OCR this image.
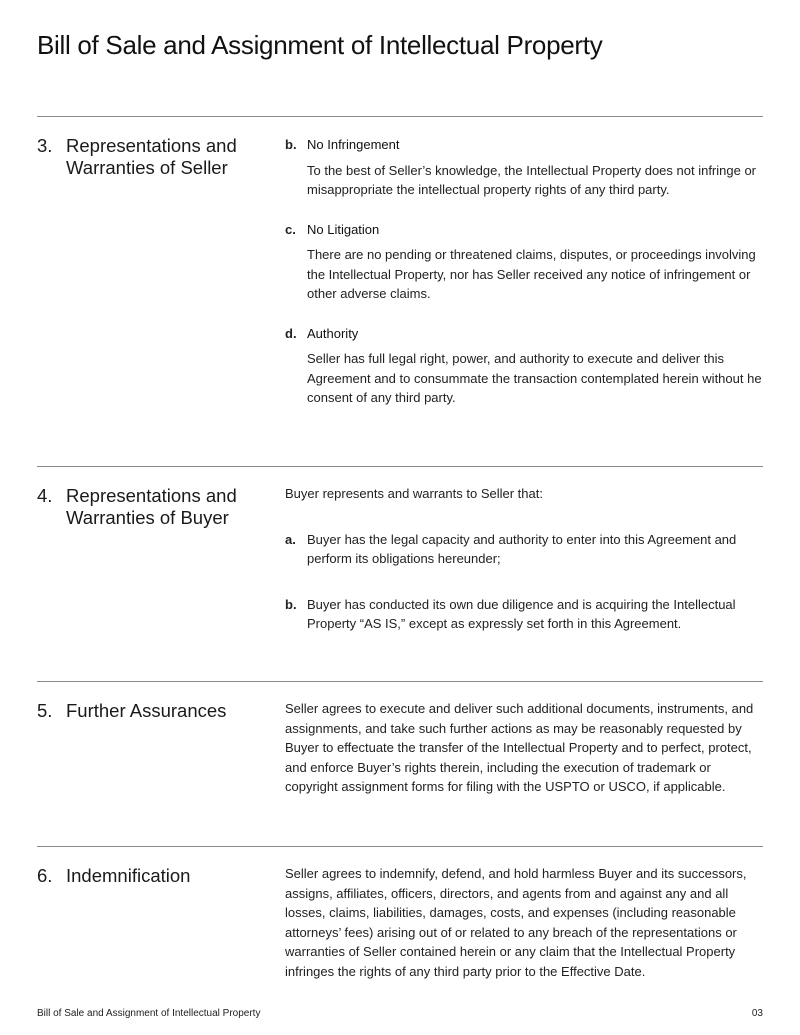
Bill of Sale and Assignment of Intellectual Property
3. Representations and Warranties of Seller
b. No Infringement

To the best of Seller’s knowledge, the Intellectual Property does not infringe or misappropriate the intellectual property rights of any third party.

c. No Litigation

There are no pending or threatened claims, disputes, or proceedings involving the Intellectual Property, nor has Seller received any notice of infringement or other adverse claims.

d. Authority

Seller has full legal right, power, and authority to execute and deliver this Agreement and to consummate the transaction contemplated herein without he consent of any third party.

4. Representations and Warranties of Buyer

Buyer represents and warrants to Seller that:

a. Buyer has the legal capacity and authority to enter into this Agreement and perform its obligations hereunder;

b. Buyer has conducted its own due diligence and is acquiring the Intellectual Property “AS IS,” except as expressly set forth in this Agreement.

5. Further Assurances	Seller agrees to execute and deliver such additional documents, instruments, and assignments, and take such further actions as may be reasonably requested by Buyer to effectuate the transfer of the Intellectual Property and to perfect, protect, and enforce Buyer’s rights therein, including the execution of trademark or copyright assignment forms for filing with the USPTO or USCO, if applicable.

6. Indemnification	Seller agrees to indemnify, defend, and hold harmless Buyer and its successors, assigns, affiliates, officers, directors, and agents from and against any and all losses, claims, liabilities, damages, costs, and expenses (including reasonable attorneys’ fees) arising out of or related to any breach of the representations or warranties of Seller contained herein or any claim that the Intellectual Property infringes the rights of any third party prior to the Effective Date.

Bill of Sale and Assignment of Intellectual Property	03
